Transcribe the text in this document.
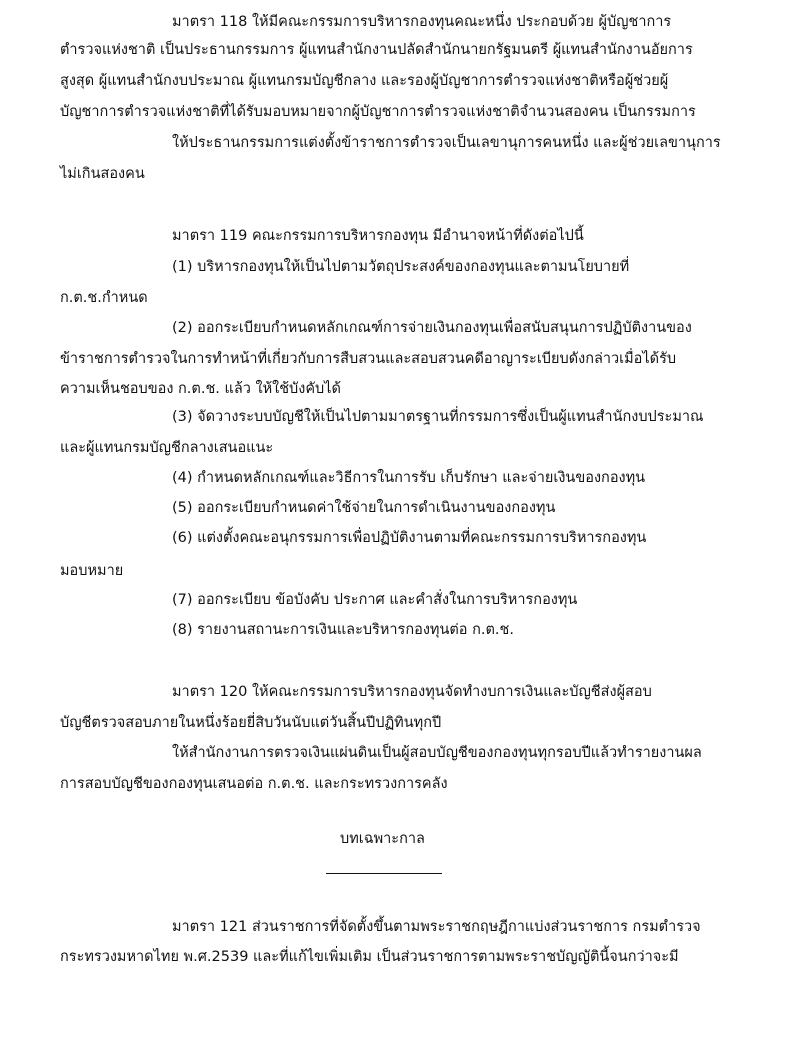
มาตรา 118 ให้มีคณะกรรมการบริหารกองทุนคณะหนึ่ง ประกอบด้วย ผู้บัญชาการ
ตำรวจแห่งชาติ เป็นประธานกรรมการ ผู้แทนสำนักงานปลัดสำนักนายกรัฐมนตรี ผู้แทนสำนักงานอัยการ
สูงสุด ผู้แทนสำนักงบประมาณ ผู้แทนกรมบัญชีกลาง และรองผู้บัญชาการตำรวจแห่งชาติหรือผู้ช่วยผู้
บัญชาการตำรวจแห่งชาติที่ได้รับมอบหมายจากผู้บัญชาการตำรวจแห่งชาติจำนวนสองคน เป็นกรรมการ
ให้ประธานกรรมการแต่งตั้งข้าราชการตำรวจเป็นเลขานุการคนหนึ่ง และผู้ช่วยเลขานุการ
ไม่เกินสองคน
มาตรา 119 คณะกรรมการบริหารกองทุน มีอำนาจหน้าที่ดังต่อไปนี้
(1) บริหารกองทุนให้เป็นไปตามวัตถุประสงค์ของกองทุนและตามนโยบายที่
ก.ต.ช.กำหนด
(2) ออกระเบียบกำหนดหลักเกณฑ์การจ่ายเงินกองทุนเพื่อสนับสนุนการปฏิบัติงานของ
ข้าราชการตำรวจในการทำหน้าที่เกี่ยวกับการสืบสวนและสอบสวนคดีอาญาระเบียบดังกล่าวเมื่อได้รับ
ความเห็นชอบของ ก.ต.ช. แล้ว ให้ใช้บังคับได้
(3) จัดวางระบบบัญชีให้เป็นไปตามมาตรฐานที่กรรมการซึ่งเป็นผู้แทนสำนักงบประมาณ
และผู้แทนกรมบัญชีกลางเสนอแนะ
(4) กำหนดหลักเกณฑ์และวิธีการในการรับ เก็บรักษา และจ่ายเงินของกองทุน
(5) ออกระเบียบกำหนดค่าใช้จ่ายในการดำเนินงานของกองทุน
(6) แต่งตั้งคณะอนุกรรมการเพื่อปฏิบัติงานตามที่คณะกรรมการบริหารกองทุน
มอบหมาย
(7) ออกระเบียบ ข้อบังคับ ประกาศ และคำสั่งในการบริหารกองทุน
(8) รายงานสถานะการเงินและบริหารกองทุนต่อ ก.ต.ช.
มาตรา 120 ให้คณะกรรมการบริหารกองทุนจัดทำงบการเงินและบัญชีส่งผู้สอบ
บัญชีตรวจสอบภายในหนึ่งร้อยยี่สิบวันนับแต่วันสิ้นปีปฏิทินทุกปี
ให้สำนักงานการตรวจเงินแผ่นดินเป็นผู้สอบบัญชีของกองทุนทุกรอบปีแล้วทำรายงานผล
การสอบบัญชีของกองทุนเสนอต่อ ก.ต.ช. และกระทรวงการคลัง
บทเฉพาะกาล
มาตรา 121 ส่วนราชการที่จัดตั้งขึ้นตามพระราชกฤษฎีกาแบ่งส่วนราชการ กรมตำรวจ
กระทรวงมหาดไทย พ.ศ.2539 และที่แก้ไขเพิ่มเติม เป็นส่วนราชการตามพระราชบัญญัตินี้จนกว่าจะมี
